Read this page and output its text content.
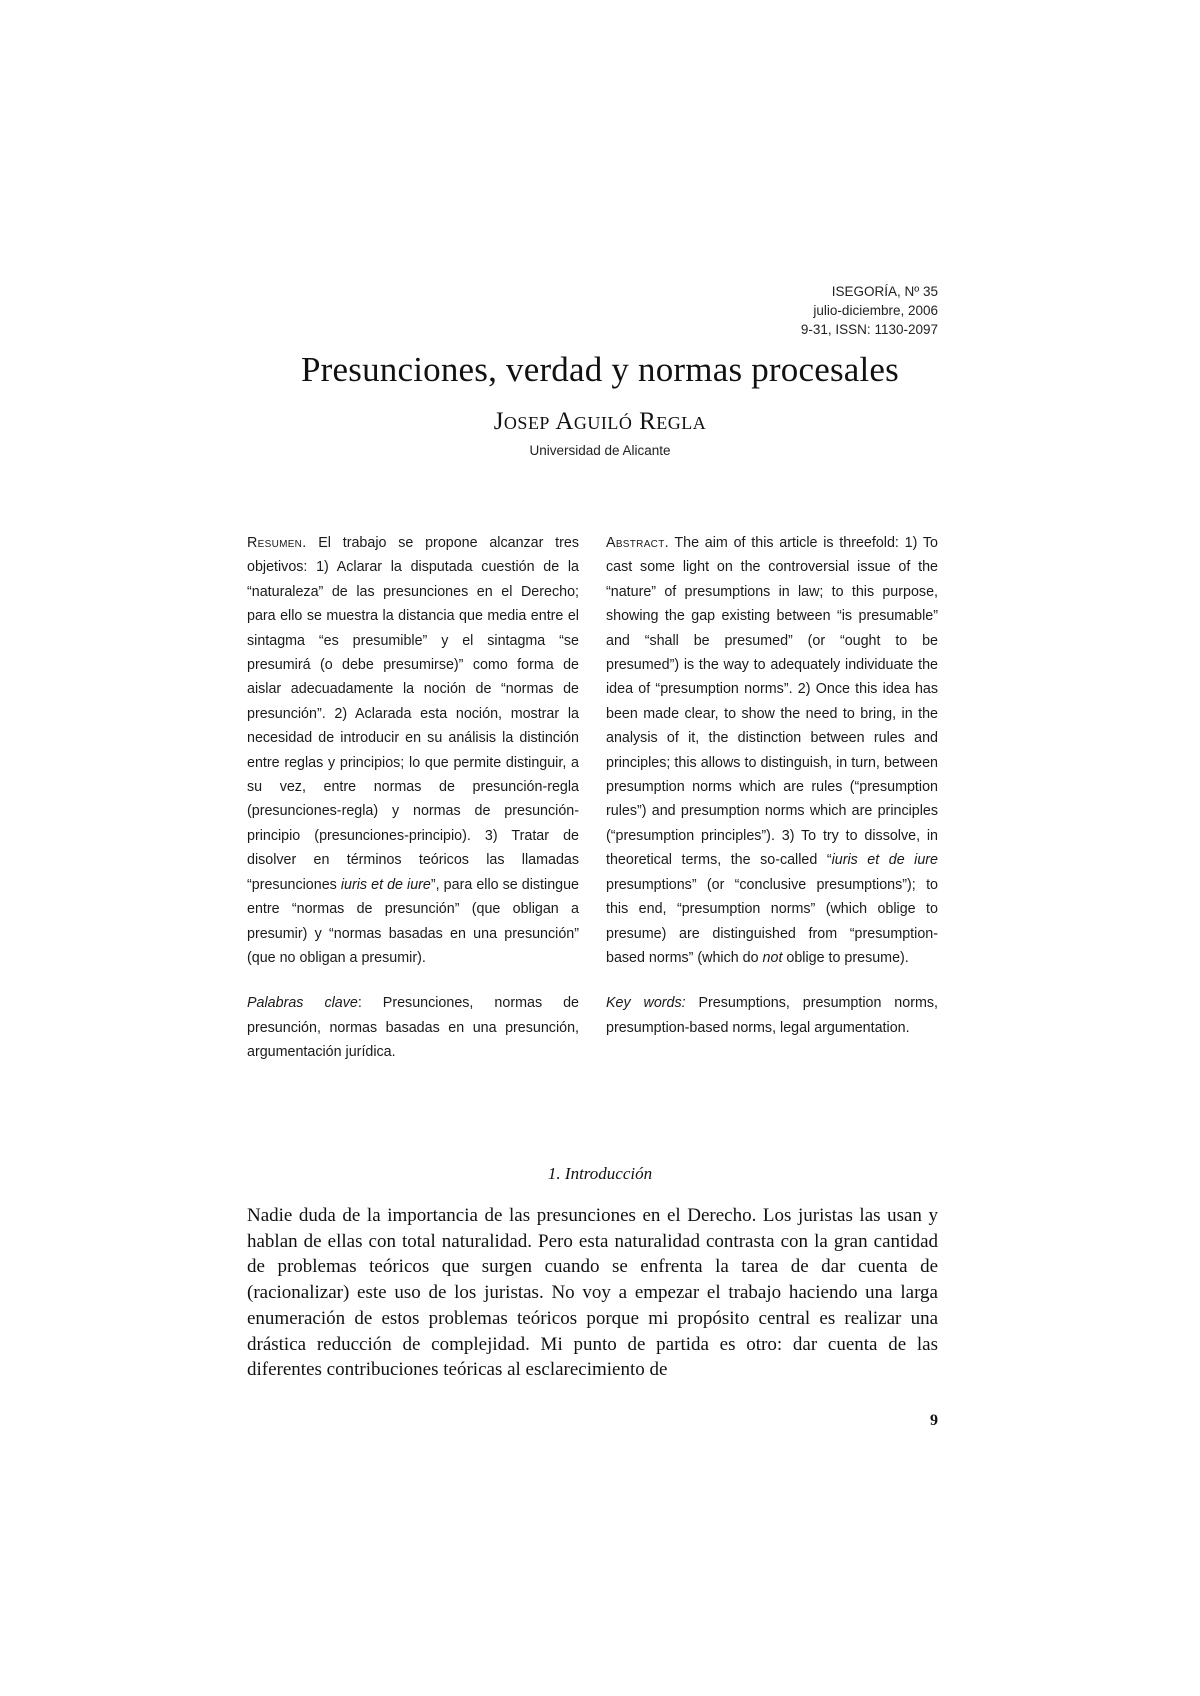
ISEGORÍA, Nº 35
julio-diciembre, 2006
9-31, ISSN: 1130-2097
Presunciones, verdad y normas procesales
Josep Aguiló Regla
Universidad de Alicante

Resumen. El trabajo se propone alcanzar tres objetivos: 1) Aclarar la disputada cuestión de la “naturaleza” de las presunciones en el Derecho; para ello se muestra la distancia que media entre el sintagma “es presumible” y el sintagma “se presumirá (o debe presumirse)” como forma de aislar adecuadamente la noción de “normas de presunción”. 2) Aclarada esta noción, mostrar la necesidad de introducir en su análisis la distinción entre reglas y principios; lo que permite distinguir, a su vez, entre normas de presunción-regla (presunciones-regla) y normas de presunción-principio (presunciones-principio). 3) Tratar de disolver en términos teóricos las llamadas “presunciones iuris et de iure”, para ello se distingue entre “normas de presunción” (que obligan a presumir) y “normas basadas en una presunción” (que no obligan a presumir).

Palabras clave: Presunciones, normas de presunción, normas basadas en una presunción, argumentación jurídica.

Abstract. The aim of this article is threefold: 1) To cast some light on the controversial issue of the “nature” of presumptions in law; to this purpose, showing the gap existing between “is presumable” and “shall be presumed” (or “ought to be presumed”) is the way to adequately individuate the idea of “presumption norms”. 2) Once this idea has been made clear, to show the need to bring, in the analysis of it, the distinction between rules and principles; this allows to distinguish, in turn, between presumption norms which are rules (“presumption rules”) and presumption norms which are principles (“presumption principles”). 3) To try to dissolve, in theoretical terms, the so-called “iuris et de iure presumptions” (or “conclusive presumptions”); to this end, “presumption norms” (which oblige to presume) are distinguished from “presumption-based norms” (which do not oblige to presume).

Key words: Presumptions, presumption norms, presumption-based norms, legal argumentation.

1. Introducción

Nadie duda de la importancia de las presunciones en el Derecho. Los juristas las usan y hablan de ellas con total naturalidad. Pero esta naturalidad contrasta con la gran cantidad de problemas teóricos que surgen cuando se enfrenta la tarea de dar cuenta de (racionalizar) este uso de los juristas. No voy a empezar el trabajo haciendo una larga enumeración de estos problemas teóricos porque mi propósito central es realizar una drástica reducción de complejidad. Mi punto de partida es otro: dar cuenta de las diferentes contribuciones teóricas al esclarecimiento de

9
